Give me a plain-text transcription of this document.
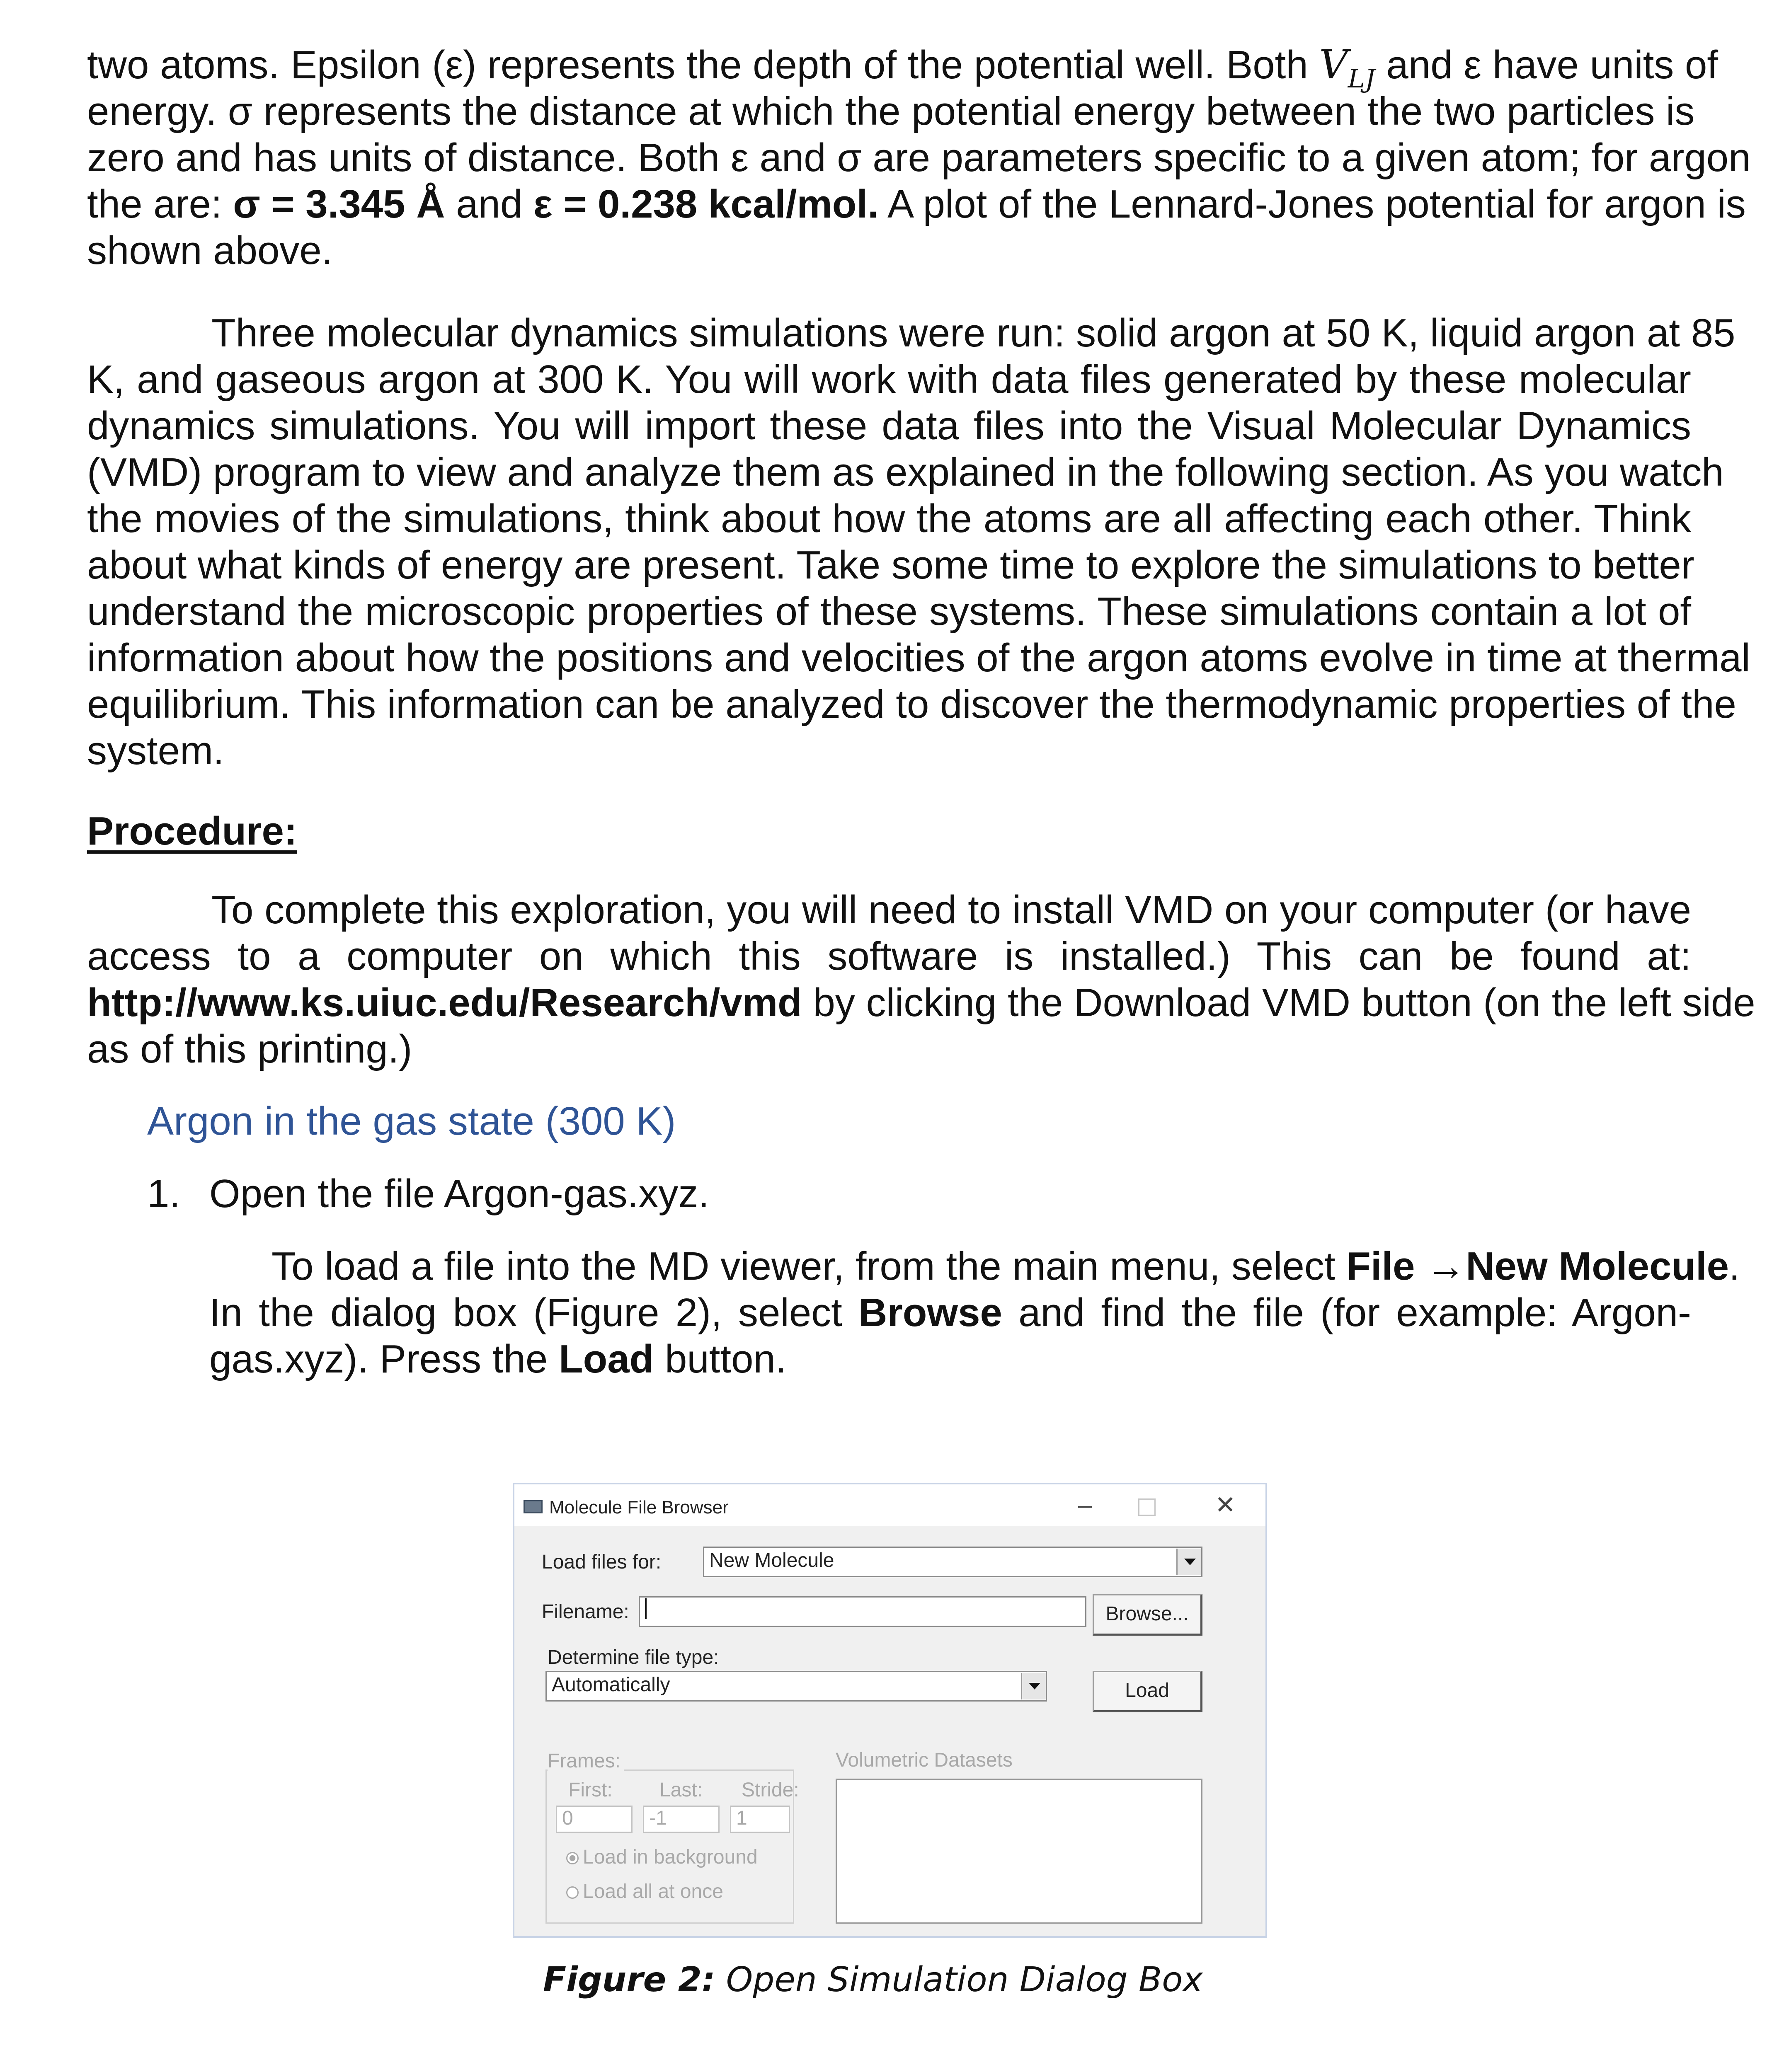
two atoms. Epsilon (ε) represents the depth of the potential well. Both $V_{LJ}$ and ε have units of
energy. σ represents the distance at which the potential energy between the two particles is
zero and has units of distance. Both ε and σ are parameters specific to a given atom; for argon
the are: σ = 3.345 Å and ε = 0.238 kcal/mol. A plot of the Lennard-Jones potential for argon is
shown above.
Three molecular dynamics simulations were run: solid argon at 50 K, liquid argon at 85
K, and gaseous argon at 300 K. You will work with data files generated by these molecular
dynamics simulations. You will import these data files into the Visual Molecular Dynamics
(VMD) program to view and analyze them as explained in the following section. As you watch
the movies of the simulations, think about how the atoms are all affecting each other. Think
about what kinds of energy are present. Take some time to explore the simulations to better
understand the microscopic properties of these systems. These simulations contain a lot of
information about how the positions and velocities of the argon atoms evolve in time at thermal
equilibrium. This information can be analyzed to discover the thermodynamic properties of the
system.
Procedure:
To complete this exploration, you will need to install VMD on your computer (or have
access to a computer on which this software is installed.) This can be found at:
http://www.ks.uiuc.edu/Research/vmd by clicking the Download VMD button (on the left side
as of this printing.)
Argon in the gas state (300 K)
1. Open the file Argon-gas.xyz.
To load a file into the MD viewer, from the main menu, select File →New Molecule.
In the dialog box (Figure 2), select Browse and find the file (for example: Argon-
gas.xyz). Press the Load button.
Molecule File Browser	–	✕
Load files for:	New Molecule
Filename:	Browse...
Determine file type:
Automatically	Load
Frames:
First: Last: Stride:
0	-1	1
Load in background
Load all at once
Volumetric Datasets
Figure 2: Open Simulation Dialog Box
